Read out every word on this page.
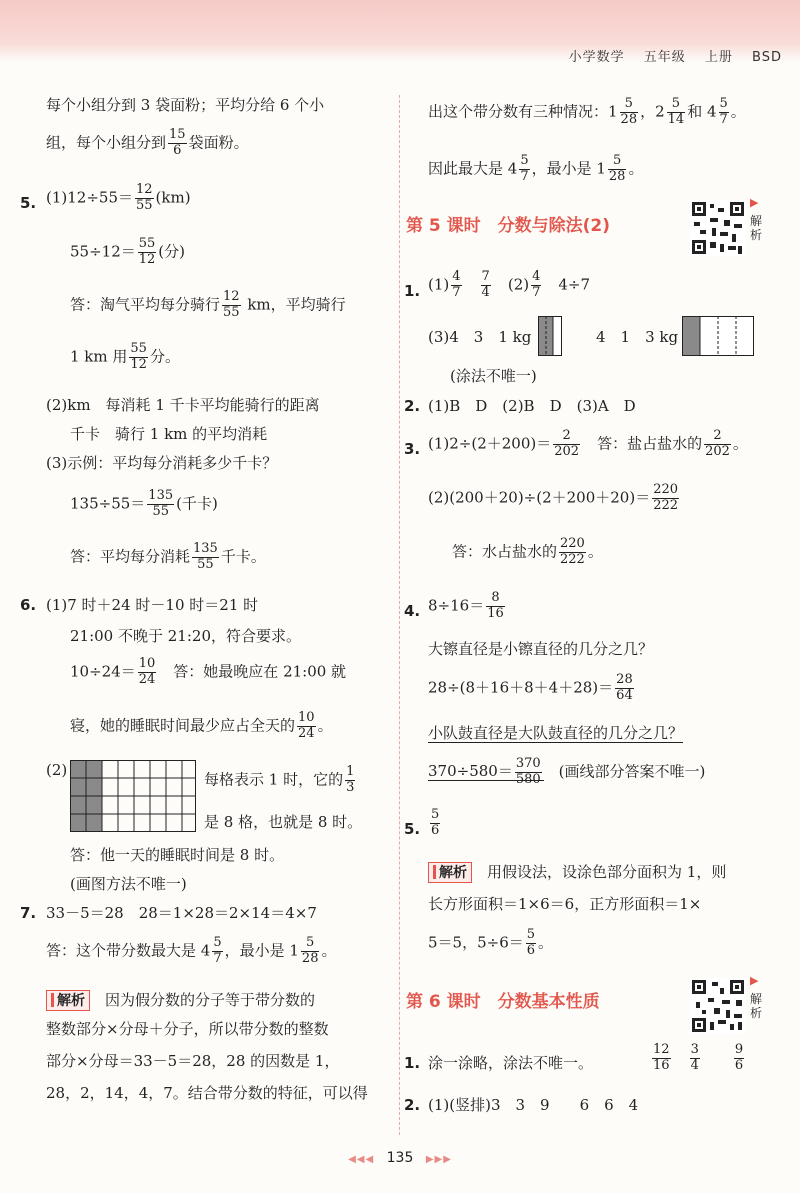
小学数学 五年级 上册 BSD
每个小组分到 3 袋面粉；平均分给 6 个小
组，每个小组分到 $\frac{15}{6}$ 袋面粉。
5. $(1)12\div 55= \frac{12}{55} (km)$
$55\div 12= \frac{55}{12}$ (分)
答：淘气平均每分骑行 $\frac{12}{55}$ km，平均骑行
1 km 用 $\frac{55}{12}$ 分。
(2)km　每消耗 1 千卡平均能骑行的距离
千卡　骑行 1 km 的平均消耗
(3)示例：平均每分消耗多少千卡？
$135\div 55= \frac{135}{55}$ (千卡)
答：平均每分消耗 $\frac{135}{55}$ 千卡。
6. (1)7 时＋24 时－10 时＝21 时
21:00 不晚于 21:20，符合要求。
$10\div 24= \frac{10}{24}$ 　答：她最晚应在 21:00 就
寝，她的睡眠时间最少应占全天的 $\frac{10}{24}$ 。
(2)
每格表示 1 时，它的 $\frac{1}{3}$
是 8 格，也就是 8 时。
答：他一天的睡眠时间是 8 时。
(画图方法不唯一)
7. 33－5＝28　28＝1×28＝2×14＝4×7
答：这个带分数最大是 $4 \frac{5}{7}$ ，最小是 $1 \frac{5}{28}$ 。
解析　 因为假分数的分子等于带分数的
整数部分×分母＋分子，所以带分数的整数
部分×分母＝33－5＝28，28 的因数是 1，
28，2，14，4，7。结合带分数的特征，可以得
出这个带分数有三种情况：$1 \frac{5}{28}$ ，$2 \frac{5}{14}$ 和 $4 \frac{5}{7}$ 。
因此最大是 $4 \frac{5}{7}$ ，最小是 $1 \frac{5}{28}$ 。
第 5 课时　分数与除法(2)
▶
解析
1. $(1) \frac{4}{7}$
　 $\frac{7}{4}$
　 $(2) \frac{4}{7}$
　 4÷7
(3)4　3　1 kg	4　1　3 kg
(涂法不唯一)
2. (1)B　D　(2)B　D　(3)A　D
3. $(1)2\div(2+200)= \frac{2}{202}$ 　答：盐占盐水的 $\frac{2}{202}$ 。
$(2)(200+20)\div(2+200+20)= \frac{220}{222}$
答：水占盐水的 $\frac{220}{222}$ 。
4. $8\div 16= \frac{8}{16}$
大镲直径是小镲直径的几分之几？
$28\div(8+16+8+4+28)= \frac{28}{64}$
小队鼓直径是大队鼓直径的几分之几？
$370\div 580= \frac{370}{580}$ 　(画线部分答案不唯一)
5. $\frac{5}{6}$
解析　 用假设法，设涂色部分面积为 1，则
长方形面积＝1×6＝6，正方形面积＝1×
5＝5，$5\div 6= \frac{5}{6}$ 。
第 6 课时　分数基本性质
▶
解析
1. 涂一涂略，涂法不唯一。	$\frac{12}{16}$
　 $\frac{3}{4}$
　　	$\frac{9}{6}$
2. (1)(竖排)3　3　9　　6　6　4
◀◀◀ 135 ▶▶▶
